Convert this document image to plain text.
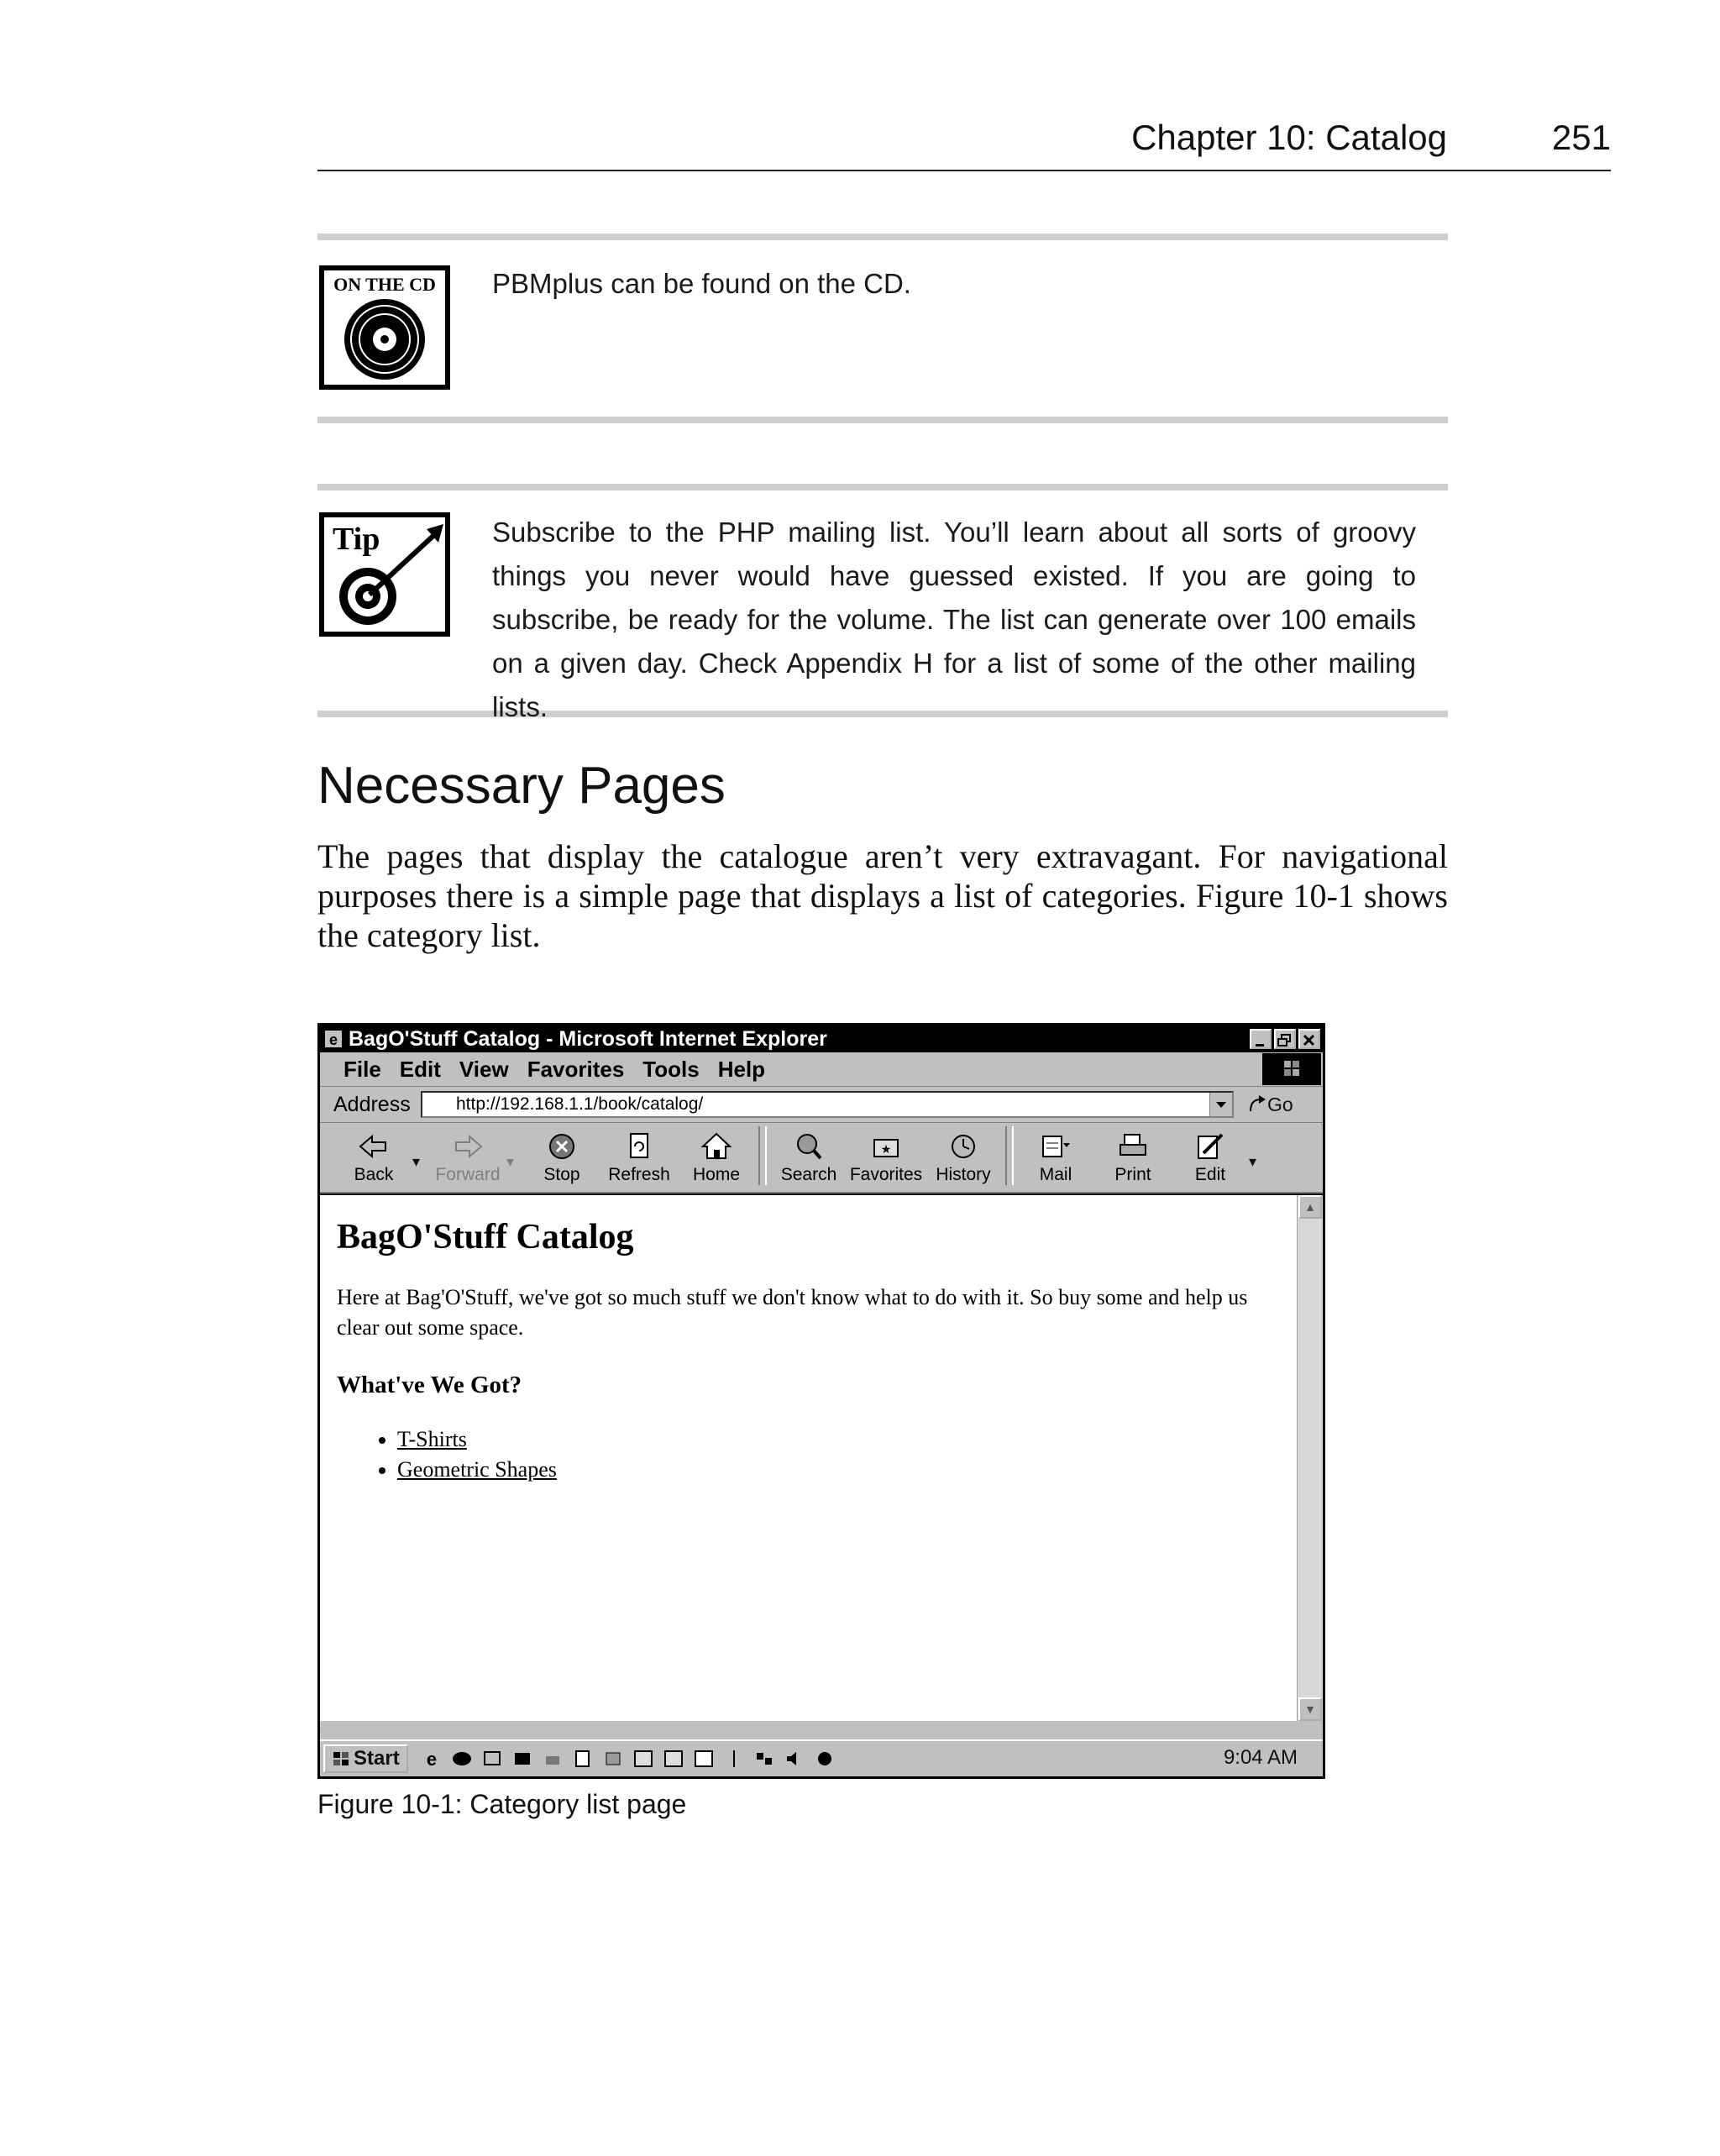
Chapter 10: Catalog	251
ON THE CD PBMplus can be found on the CD.
Tip	Subscribe to the PHP mailing list. You’ll learn about all sorts of groovy things you never would have guessed existed. If you are going to subscribe, be ready for the volume. The list can generate over 100 emails on a given day. Check Appendix H for a list of some of the other mailing lists.
Necessary Pages

The pages that display the catalogue aren’t very extravagant. For navigational purposes there is a simple page that displays a list of categories. Figure 10-1 shows the category list.

e BagO'Stuff Catalog - Microsoft Internet Explorer
File Edit View Favorites Tools Help
Address	http://192.168.1.1/book/catalog/	Go
Back
▾
Forward
▾
Stop Refresh Home Search
★
Favorites History	Mail Print Edit
▾
BagO'Stuff Catalog

Here at Bag'O'Stuff, we've got so much stuff we don't know what to do with it. So buy some and help us clear out some space.

What've We Got?
• T-Shirts
• Geometric Shapes
▲
▼
Start e	9:04 AM
Figure 10-1: Category list page
